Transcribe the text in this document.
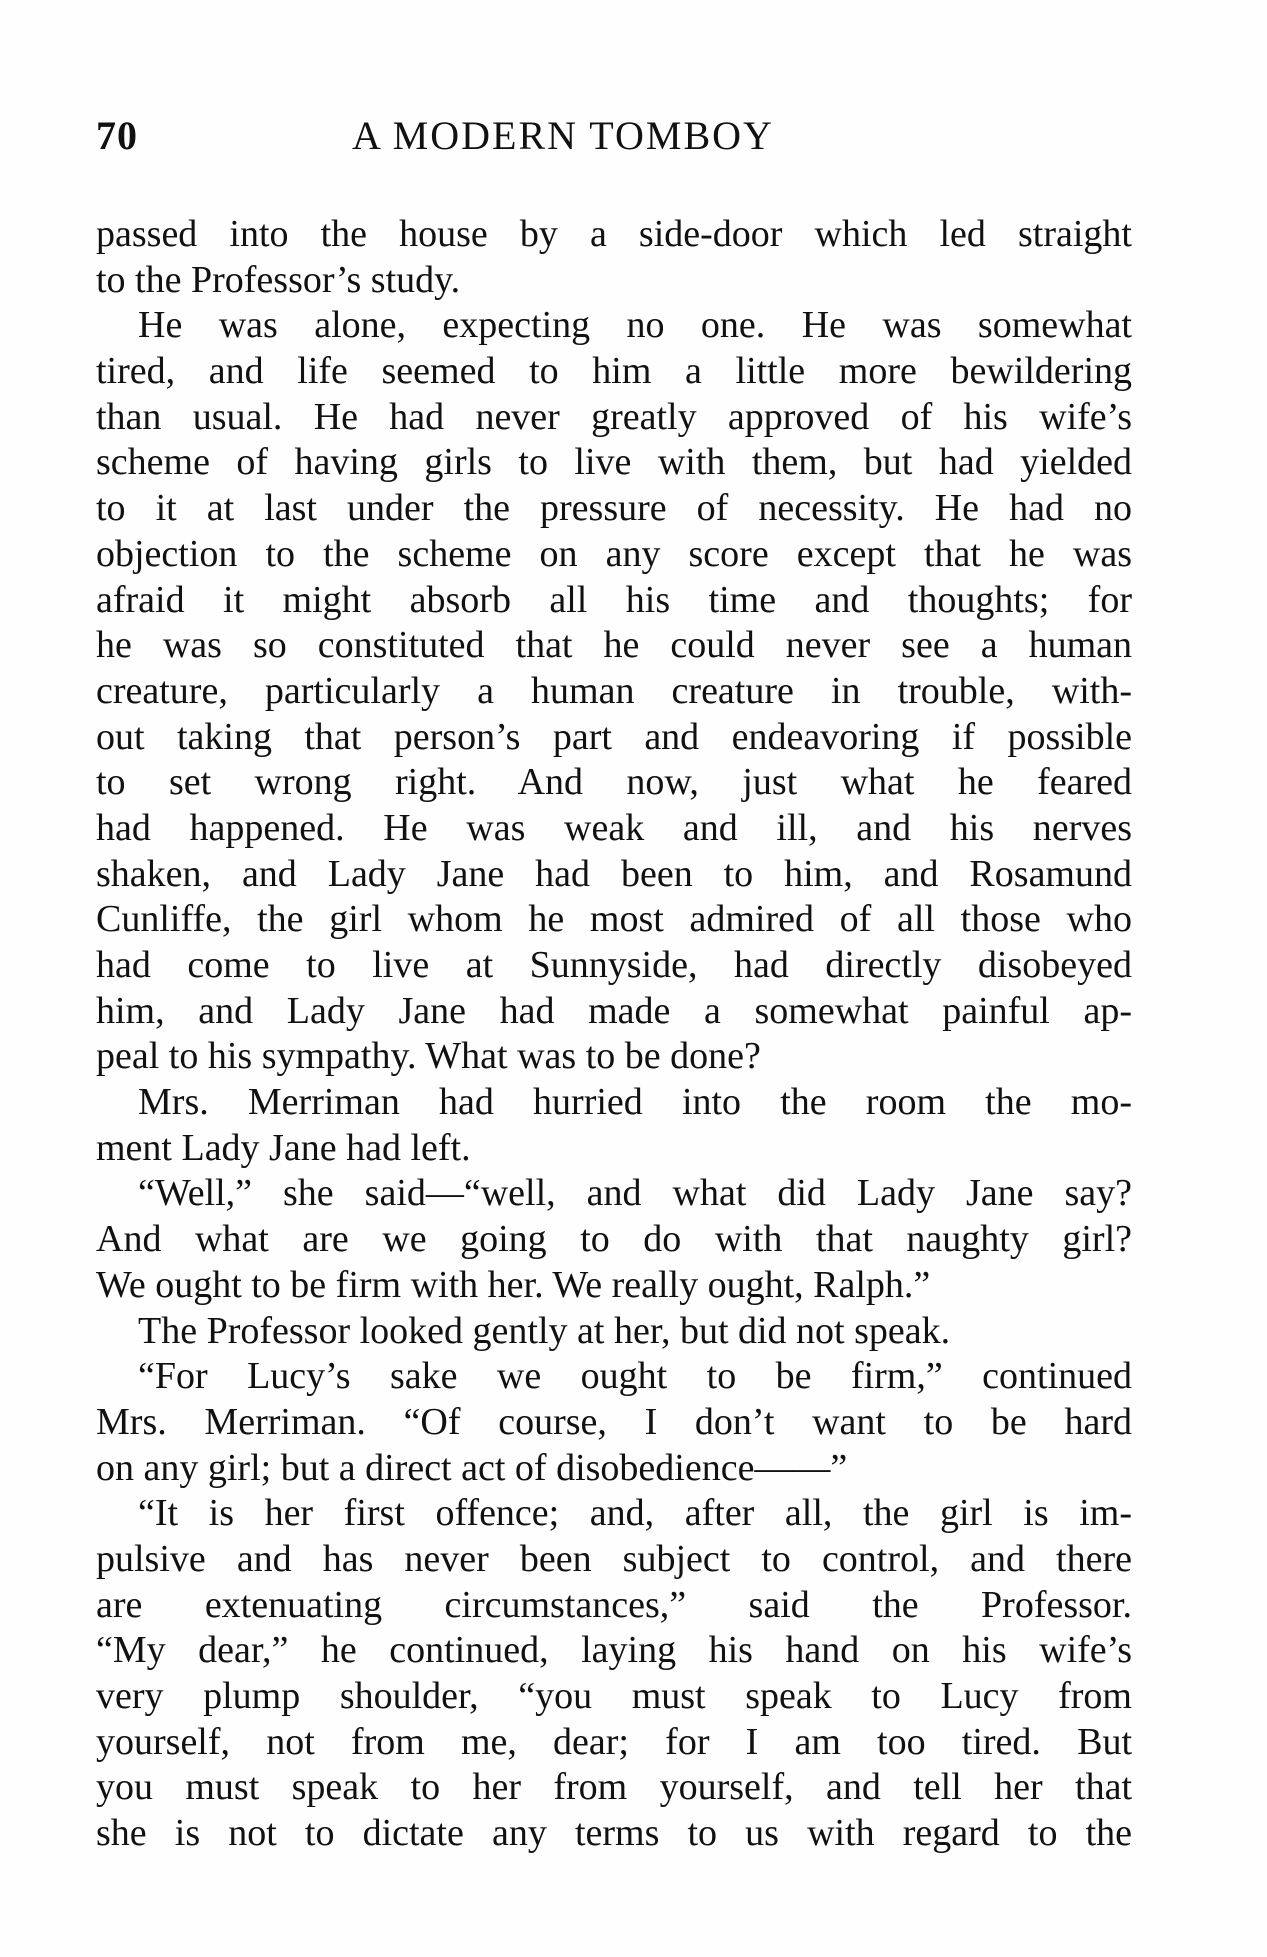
70	A MODERN TOMBOY
passed into the house by a side-door which led straight
to the Professor’s study.
He was alone, expecting no one. He was somewhat
tired, and life seemed to him a little more bewildering
than usual. He had never greatly approved of his wife’s
scheme of having girls to live with them, but had yielded
to it at last under the pressure of necessity. He had no
objection to the scheme on any score except that he was
afraid it might absorb all his time and thoughts; for
he was so constituted that he could never see a human
creature, particularly a human creature in trouble, with-
out taking that person’s part and endeavoring if possible
to set wrong right. And now, just what he feared
had happened. He was weak and ill, and his nerves
shaken, and Lady Jane had been to him, and Rosamund
Cunliffe, the girl whom he most admired of all those who
had come to live at Sunnyside, had directly disobeyed
him, and Lady Jane had made a somewhat painful ap-
peal to his sympathy. What was to be done?
Mrs. Merriman had hurried into the room the mo-
ment Lady Jane had left.
“Well,” she said—“well, and what did Lady Jane say?
And what are we going to do with that naughty girl?
We ought to be firm with her. We really ought, Ralph.”
The Professor looked gently at her, but did not speak.
“For Lucy’s sake we ought to be firm,” continued
Mrs. Merriman. “Of course, I don’t want to be hard
on any girl; but a direct act of disobedience——”
“It is her first offence; and, after all, the girl is im-
pulsive and has never been subject to control, and there
are extenuating circumstances,” said the Professor.
“My dear,” he continued, laying his hand on his wife’s
very plump shoulder, “you must speak to Lucy from
yourself, not from me, dear; for I am too tired. But
you must speak to her from yourself, and tell her that
she is not to dictate any terms to us with regard to the
